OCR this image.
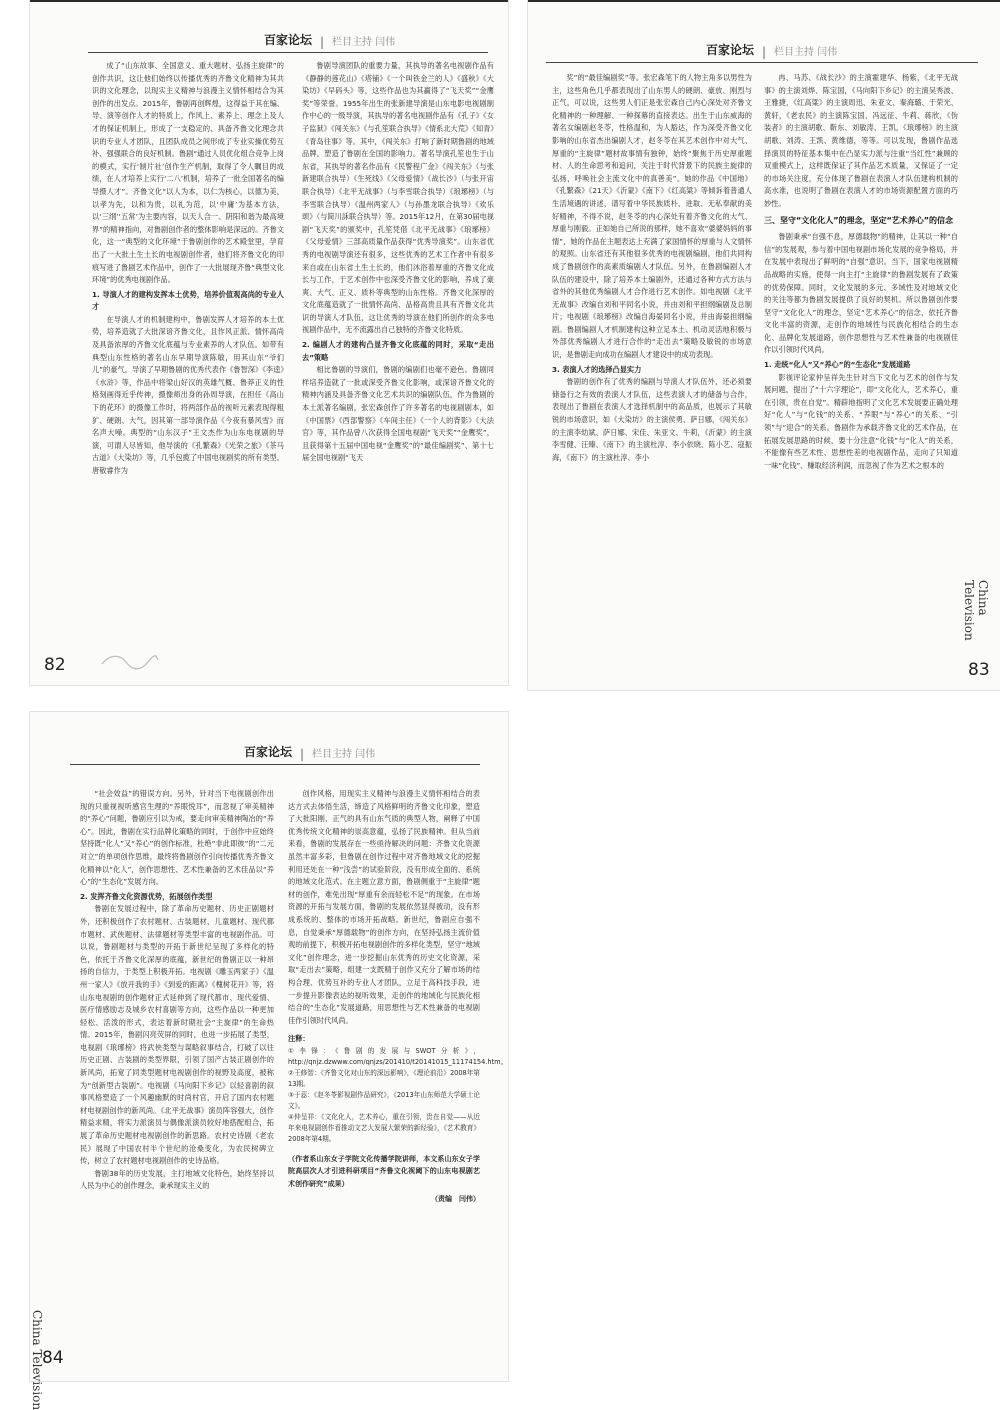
百家论坛 | 栏目主持 闫伟

成了“山东故事、全国意义、重大题材、弘扬主旋律”的创作共识，这让他们始终以传播优秀的齐鲁文化精神为其共识的文化理念，以现实主义精神与浪漫主义情怀相结合为其创作的出发点。2015年，鲁剧再创辉煌，这得益于其在编、导、演等创作人才的特质上，作风上、素养上、理念上及人才的保证机制上，形成了一支稳定的、具备齐鲁文化理念共识的专业人才团队，且团队成员之间形成了专业实操优势互补、强强联合的良好机制。鲁剧“通过人员优化组合竞争上岗的模式，实行‘制片社’创作生产机制，取得了令人瞩目的成绩，在人才培养上实行‘二八’机制，培养了一批全国著名的编导摄人才”。齐鲁文化“以人为本，以仁为核心，以德为美，以孝为先，以和为贵，以礼为范，以‘中庸’为基本方法，以‘三纲’‘五常’为主要内容，以天人合一、阴阳和谐为最高境界”的精神指向，对鲁剧创作者的整体影响是深远的。齐鲁文化，这一“典型的文化环境”于鲁剧创作的艺术殿堂里，孕育出了一大批土生土长的电视剧创作者，他们将齐鲁文化的印痕写进了鲁剧艺术作品中，创作了一大批展现齐鲁“典型文化环境”的优秀电视剧作品。

1. 导演人才的建构发挥本土优势，培养价值观高尚的专业人才

在导演人才的机制建构中，鲁剧发挥人才培养的本土优势，培养造就了大批深谙齐鲁文化，且作风正派、情怀高尚及具备浓厚的齐鲁文化底蕴与专业素养的人才队伍。如带有典型山东性格的著名山东早期导演陈敏，用其山东“爷们儿”的豪气，导演了早期鲁剧的优秀代表作《鲁智深》《李逵》《水浒》等，作品中将梁山好汉的英雄气概、鲁莽正义的性格刻画得近乎传神，摄像师出身的孙周导演，在担任《高山下的花环》的摄像工作时，将两部作品的视听元素表现得粗犷、硬朗、大气，因其第一部导演作品《今夜有暴风雪》而名声大噪。典型的“山东汉子”王文杰作为山东电视剧的导演，可谓人尽皆知，他导演的《孔繁森》《光荣之旅》《茶马古道》《大染坊》等，几乎包揽了中国电视剧奖的所有类型。唐敬睿作为

鲁剧导演团队的重要力量，其执导的著名电视剧作品有《静静的莲花山》《塔铺》《一个叫铁金兰的人》《盛秋》《大染坊》《早码头》等，这些作品也为其赢得了“飞天奖”“金鹰奖”等荣誉。1955年出生的张新建导演是山东电影电视剧制作中心的一级导演，其执导的著名电视剧作品有《孔子》《女子监狱》《闯关东》《与孔笙联合执导》《情系北大荒》《知青》《青岛往事》等。其中，《闯关东》打响了新时期鲁剧的地域品牌，塑造了鲁剧在全国的影响力。著名导演孔笙也生于山东省，其执导的著名作品有《民警程广金》《闯关东》（与张新建联合执导）《生死线》《父母爱情》《战长沙》（与张开宙联合执导）《北平无战事》（与李雪联合执导）《琅琊榜》（与李雪联合执导）《温州两家人》（与孙墨龙联合执导）《欢乐颂》（与简川訸联合执导）等。2015年12月，在第30届电视剧“飞天奖”的颁奖中，孔笙凭借《北平无战事》《琅琊榜》《父母爱情》三部高质量作品获得“优秀导演奖”。山东省优秀的电视剧导演还有很多，这些优秀的艺术工作者中有很多来自或在山东省土生土长的，他们沐浴着厚重的齐鲁文化成长与工作，于艺术创作中也深受齐鲁文化的影响，养成了豪爽、大气、正义、质朴等典型的山东性格。齐鲁文化深厚的文化底蕴造就了一批情怀高尚、品格高贵且具有齐鲁文化共识的导演人才队伍，这让优秀的导演在他们所创作的众多电视剧作品中，无不流露出自己独特的齐鲁文化特质。

2. 编剧人才的建构凸显齐鲁文化底蕴的同时，采取“走出去”策略

相比鲁剧的导演们，鲁剧的编剧们也毫不逊色。鲁剧同样培养造就了一批或深受齐鲁文化影响，或深谙齐鲁文化的精神内涵及具备齐鲁文化艺术共识的编剧队伍，作为鲁剧的本土派著名编剧，张宏森创作了许多著名的电视剧剧本，如《中国票》《西部警察》《车间主任》《一个人的背影》《大法官》等，其作品曾八次获得全国电视剧“飞天奖”“金鹰奖”，且获得第十五届中国电视“金鹰奖”的“最佳编剧奖”、第十七届全国电视剧“飞天

82
百家论坛 | 栏目主持 闫伟

奖”的“最佳编剧奖”等。张宏森笔下的人物主角多以男性为主，这些角色几乎都表现出了山东男人的硬朗、豪放、刚烈与正气，可以说，这些男人们正是张宏森自己内心深处对齐鲁文化精神的一种理解、一种探幕的直接表达。出生于山东威海的著名女编剧赵冬苓，性格温和，为人豁达，作为深受齐鲁文化影响的山东省杰出编剧人才，赵冬苓在其艺术创作中对大气、厚重的“主旋律”题材故事情有独钟，始终“聚焦于历史厚重题材、人的生命思考和追问，关注于时代背景下的民族主旋律的弘扬，呼唤社会主流文化中的真善美”。她的作品《中国地》《孔繁森》《21天》《沂蒙》《南下》《红高粱》等倾诉着普通人生活境遇的讲述，谱写着中华民族质朴、进取、无私奉献的美好精神，不得不说，赵冬苓的内心深处有着齐鲁文化的大气、厚重与刚毅。正如她自己所说的那样，她不喜欢“婆婆妈妈的事情”，她的作品在主题表达上充满了家国情怀的厚重与人文情怀的观照。山东省还有其他很多优秀的电视剧编剧，他们共同构成了鲁剧创作的高素质编剧人才队伍。另外，在鲁剧编剧人才队伍的建设中，除了培养本土编剧外，还通过各种方式方法与省外的其他优秀编剧人才合作进行艺术创作。如电视剧《北平无战事》改编自刘和平同名小说，并由刘和平担纲编剧及总制片；电视剧《琅琊榜》改编自海晏同名小说，并由海晏担纲编剧。鲁剧编剧人才机制建构这种立足本土、机动灵活地积极与外部优秀编剧人才进行合作的“走出去”策略及敏锐的市场意识，是鲁剧走向成功在编剧人才建设中的成功表现。

3. 表演人才的选择凸显实力

鲁剧的创作有了优秀的编剧与导演人才队伍外，还必须要储备行之有效的表演人才队伍，这些表演人才的储备与合作，表现出了鲁剧在表演人才选择机制中的高品质，也展示了其敏锐的市场意识，如《大染坊》的主演侯勇、萨日娜，《闯关东》的主演李幼斌、萨日娜、宋佳、朱亚文、牛莉，《沂蒙》的主演李雪健、汪臻、《南下》的主演杜淳、李小依晓、陈小艺、寇振海，《南下》的主演杜淳、李小

冉、马苏、《战长沙》的主演霍建华、杨紫，《北平无战事》的主演刘烨、陈宝国，《马向阳下乡记》的主演吴秀波、王雅捷，《红高粱》的主演周迅、朱亚文、秦海璐、于荣光、黄轩，《老农民》的主演陈宝国、冯远征、牛莉、蒋欣，《伪装者》的主演胡歌、靳东、刘敏涛、王凯，《琅琊榜》的主演胡歌、刘涛、王凯、黄维德，等等。可以发现，鲁剧作品选择演员的特征基本集中在凸显实力派与注重“当红性”兼顾的双重模式上，这样既保证了其作品艺术质量，又保证了一定的市场关注度，充分体现了鲁剧在表演人才队伍建构机制的高水准，也说明了鲁剧在表演人才的市场资源配置方面的巧妙性。

三、坚守“文化化人”的理念，坚定“艺术养心”的信念

鲁剧秉承“自强不息，厚德载物”的精神，让其以一种“自信”的发展观，参与着中国电视剧市场化发展的竞争格局，并在发展中表现出了鲜明的“自强”意识。当下，国家电视剧精品战略的实施，使得一向主打“主旋律”的鲁剧发展有了政策的优势保障。同时，文化发展的多元、多域性及对地域文化的关注等都为鲁剧发展提供了良好的契机。所以鲁剧创作要坚守“文化化人”的理念，坚定“艺术养心”的信念，依托齐鲁文化丰富的资源，走创作的地域性与民族化相结合的生态化、品牌化发展道路，创作思想性与艺术性兼备的电视剧佳作以引领时代风尚。

1. 走统“化人”又“养心”的“生态化”发展道路

影视评论家仲呈祥先生针对当下文化与艺术的创作与发展问题，提出了“十六字理论”，即“文化化人，艺术养心，重在引领，贵在自觉”。精辟地指明了文化艺术发展要正确处理好“化人”与“化钱”的关系、“养眼”与“养心”的关系、“引领”与“迎合”的关系。鲁剧作为承载齐鲁文化的艺术作品，在拓展发展思路的时候，要十分注意“化钱”与“化人”的关系，不能像有些艺术性、思想性差的电视剧作品，走向了只知道一味“化钱”、赚取经济利润，而忽视了作为艺术之根本的

China Television
83
百家论坛 | 栏目主持 闫伟

“社会效益”的错误方向。另外，针对当下电视剧创作出现的只重视视听感官生理的“养眼悦耳”，而忽视了审美精神的“养心”问题，鲁剧应引以为戒，要走向审美精神陶冶的“养心”。因此，鲁剧在实行品牌化策略的同时，于创作中应始终坚持既“化人”又“养心”的创作标准，杜绝“非此即彼”的“二元对立”的单项创作思维，最终将鲁剧创作引向传播优秀齐鲁文化精神以“化人”，创作思想性、艺术性兼备的艺术佳品以“养心”的“生态化”发展方向。

2. 发挥齐鲁文化资源优势，拓展创作类型

鲁剧在发展过程中，除了革命历史题材、历史正剧题材外，还积极创作了农村题材、古装题材、儿童题材、现代都市题材、武侠题材、法律题材等类型丰富的电视剧作品。可以说，鲁剧题材与类型的开拓于新世纪呈现了多样化的特色，依托于齐鲁文化深厚的底蕴，新世纪的鲁剧正以一种昂扬的自信力，于类型上积极开拓。电视剧《雕玉两家子》《温州一家人》《放开我的手》《到爱的距离》《槐树花开》等，将山东电视剧的创作题材正式延伸到了现代都市、现代爱情、医疗情感励志及城乡农村喜剧等方向，这些作品以一种更加轻松、活泼的形式，表达着新时期社会“主旋律”的生命热情。2015年，鲁剧闪亮荧屏的同时，也进一步拓展了类型，电视剧《琅琊榜》将武侠类型与谋略叙事结合，打破了以往历史正剧、古装剧的类型界限，引领了国产古装正剧创作的新风尚，拓宽了同类型题材电视剧创作的视野及高度，被称为“创新型古装剧”。电视剧《马向阳下乡记》以轻喜剧的叙事风格塑造了一个风趣幽默的时尚村官，开启了国内农村题材电视剧创作的新风尚。《北平无战事》演员阵容强大，创作精益求精，将实力派演员与偶像派演员较好地搭配组合，拓展了革命历史题材电视剧创作的新思路。农村史诗剧《老农民》展现了中国农村半个世纪的沧桑变化，为农民树碑立传，树立了农村题材电视剧创作的史诗品格。

鲁剧38年的历史发展，主打地域文化特色，始终坚持以人民为中心的创作理念，秉承现实主义的

创作风格，用现实主义精神与浪漫主义情怀相结合的表达方式去体悟生活，缔造了风格鲜明的齐鲁文化印象，塑造了大批阳刚、正气的具有山东气质的典型人物，阐释了中国优秀传统文化精神的崇高意蕴，弘扬了民族精神。但从当前来看，鲁剧的发展存在一些亟待解决的问题：齐鲁文化资源虽然丰富多彩，但鲁剧在创作过程中对齐鲁地域文化的挖掘利用还处在一种“浅尝”的试验阶段，没有形成全面的、系统的地域文化范式。在主题立意方面，鲁剧侧重于“主旋律”题材的创作，难免出现“厚重有余而轻松不足”的现象。在市场资源的开拓与发展方面，鲁剧的发展依然显得被动，没有形成系统的、整体的市场开拓战略。新世纪，鲁剧应自强不息，自觉秉承“厚德载物”的创作方向，在坚持弘扬主流价值观的前提下，积极开拓电视剧创作的多样化类型，坚守“地域文化”创作理念，进一步挖掘山东优秀的历史文化资源，采取“走出去”策略，组建一支既精于创作又充分了解市场的结构合理、优势互补的专业人才团队，立足于高科技手段，进一步提升影像表达的视听效果，走创作的地域化与民族化相结合的“生态化”发展道路，用思想性与艺术性兼备的电视剧佳作引领时代风尚。

注释：

①李锋：《鲁剧的发展与SWOT分析》，http://qnjz.dzwww.com/qnjzs/201410/t20141015_11174154.htm。

②王修智：《齐鲁文化对山东的深远影响》，《理论前沿》2008年第13期。

③于蕊：《赵冬苓影视剧作品研究》，《2013年山东师范大学硕士论文》。

④仲呈祥：《文化化人，艺术养心，重在引领，贵在自觉——从近年来电视剧创作看推动文艺大发展大繁荣的新经验》，《艺术教育》2008年第4期。

（作者系山东女子学院文化传播学院讲师，本文系山东女子学院高层次人才引进科研项目“齐鲁文化视阈下的山东电视剧艺术创作研究”成果）

（责编　闫伟）

China Television
84
